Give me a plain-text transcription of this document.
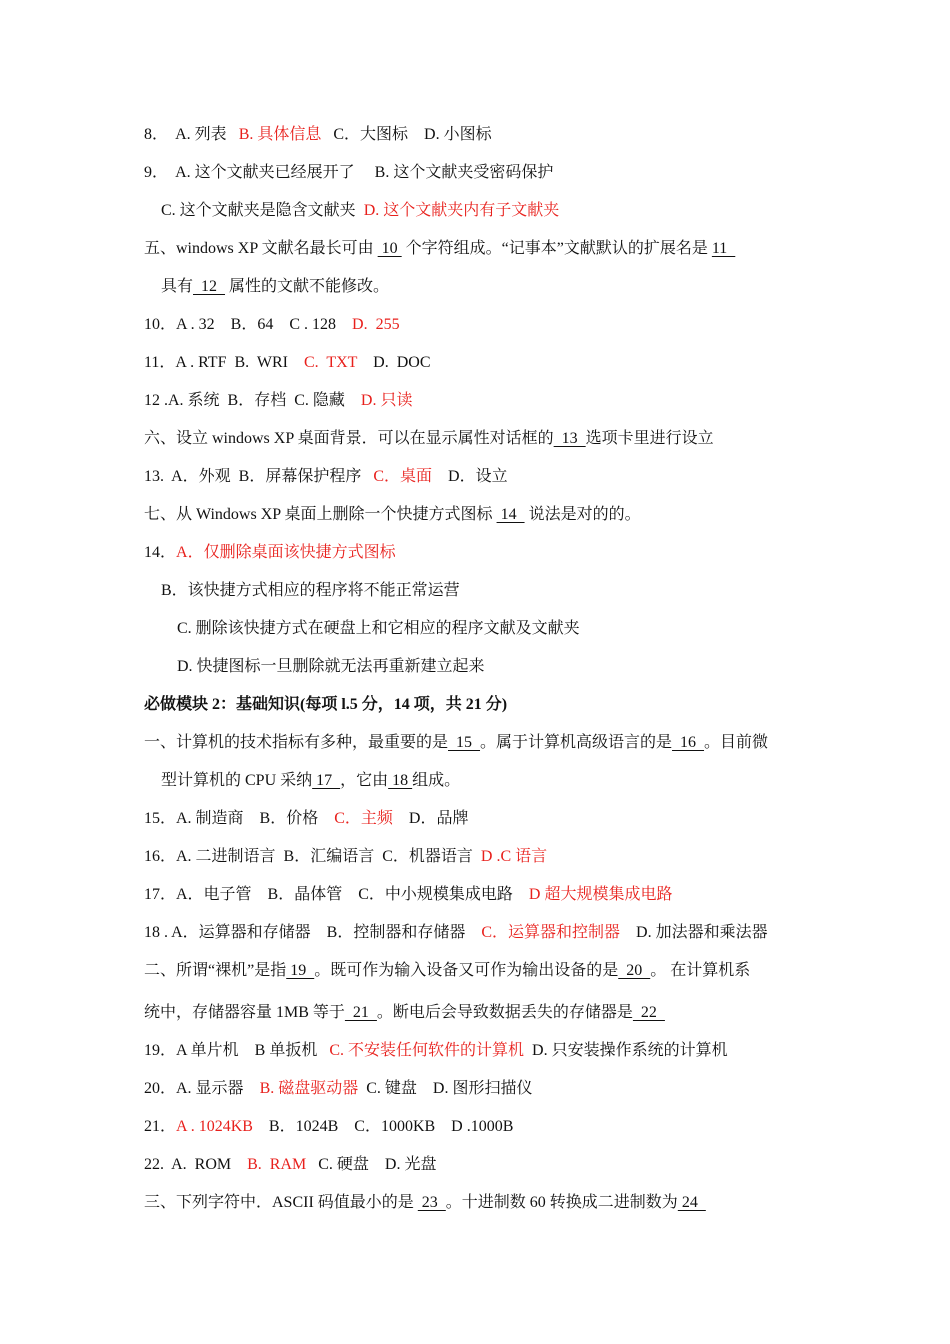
8．  A. 列表   B. 具体信息   C．大图标    D. 小图标
9．  A. 这个文献夹已经展开了     B. 这个文献夹受密码保护
C. 这个文献夹是隐含文献夹  D. 这个文献夹内有子文献夹
五、windows XP 文献名最长可由  10  个字符组成。“记事本”文献默认的扩展名是 11
具有  12   属性的文献不能修改。
10．A . 32    B．64    C . 128    D.  255
11．A . RTF  B.  WRI    C.  TXT    D.  DOC
12 .A. 系统  B．存档  C. 隐藏    D. 只读
六、设立 windows XP 桌面背景．可以在显示属性对话框的  13  选项卡里进行设立
13.  A．外观  B．屏幕保护程序   C．桌面    D．设立
七、从 Windows XP 桌面上删除一个快捷方式图标  14   说法是对的的。
14．A．仅删除桌面该快捷方式图标
B．该快捷方式相应的程序将不能正常运营
C. 删除该快捷方式在硬盘上和它相应的程序文献及文献夹
D. 快捷图标一旦删除就无法再重新建立起来
必做模块 2：基础知识(每项 l.5 分，14 项，共 21 分)
一、计算机的技术指标有多种，最重要的是  15  。属于计算机高级语言的是  16  。目前微
型计算机的 CPU 采纳 17  ，它由 18 组成。
15．A. 制造商    B．价格    C．主频    D．品牌
16．A. 二进制语言  B．汇编语言  C．机器语言  D .C 语言
17．A．电子管    B．晶体管    C．中小规模集成电路    D 超大规模集成电路
18 . A．运算器和存储器    B．控制器和存储器    C．运算器和控制器    D. 加法器和乘法器
二、所谓“裸机”是指 19  。既可作为输入设备又可作为输出设备的是  20  。 在计算机系
统中，存储器容量 1MB 等于  21  。断电后会导致数据丢失的存储器是  22
19．A 单片机    B 单扳机   C. 不安装任何软件的计算机  D. 只安装操作系统的计算机
20．A. 显示器    B. 磁盘驱动器  C. 键盘    D. 图形扫描仪
21．A . 1024KB    B．1024B    C．1000KB    D .1000B
22.  A.  ROM    B.  RAM   C. 硬盘    D. 光盘
三、下列字符中．ASCII 码值最小的是  23  。十进制数 60 转换成二进制数为 24
